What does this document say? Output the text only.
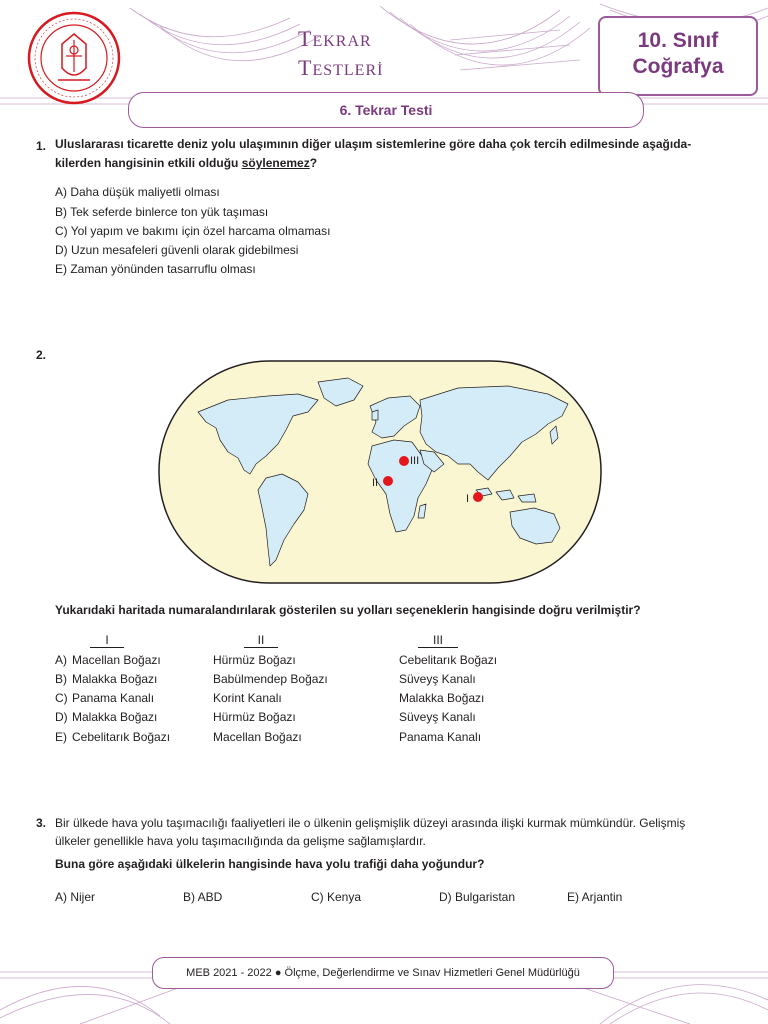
TEKRAR
TESTLERİ
10. Sınıf
Coğrafya
6. Tekrar Testi
1. Uluslararası ticarette deniz yolu ulaşımının diğer ulaşım sistemlerine göre daha çok tercih edilmesinde aşağıda-
kilerden hangisinin etkili olduğu söylenemez?
A) Daha düşük maliyetli olması
B) Tek seferde binlerce ton yük taşıması
C) Yol yapım ve bakımı için özel harcama olmaması
D) Uzun mesafeleri güvenli olarak gidebilmesi
E) Zaman yönünden tasarruflu olması
2.
III
II
I
Yukarıdaki haritada numaralandırılarak gösterilen su yolları seçeneklerin hangisinde doğru verilmiştir?
I	II	III
A) Macellan Boğazı	Hürmüz Boğazı	Cebelitarık Boğazı
B) Malakka Boğazı	Babülmendep Boğazı	Süveyş Kanalı
C) Panama Kanalı	Korint Kanalı	Malakka Boğazı
D) Malakka Boğazı	Hürmüz Boğazı	Süveyş Kanalı
E) Cebelitarık Boğazı	Macellan Boğazı	Panama Kanalı
3. Bir ülkede hava yolu taşımacılığı faaliyetleri ile o ülkenin gelişmişlik düzeyi arasında ilişki kurmak mümkündür. Gelişmiş
ülkeler genellikle hava yolu taşımacılığında da gelişme sağlamışlardır.
Buna göre aşağıdaki ülkelerin hangisinde hava yolu trafiği daha yoğundur?
A) Nijer	B) ABD	C) Kenya	D) Bulgaristan	E) Arjantin
MEB 2021 - 2022 ● Ölçme, Değerlendirme ve Sınav Hizmetleri Genel Müdürlüğü
